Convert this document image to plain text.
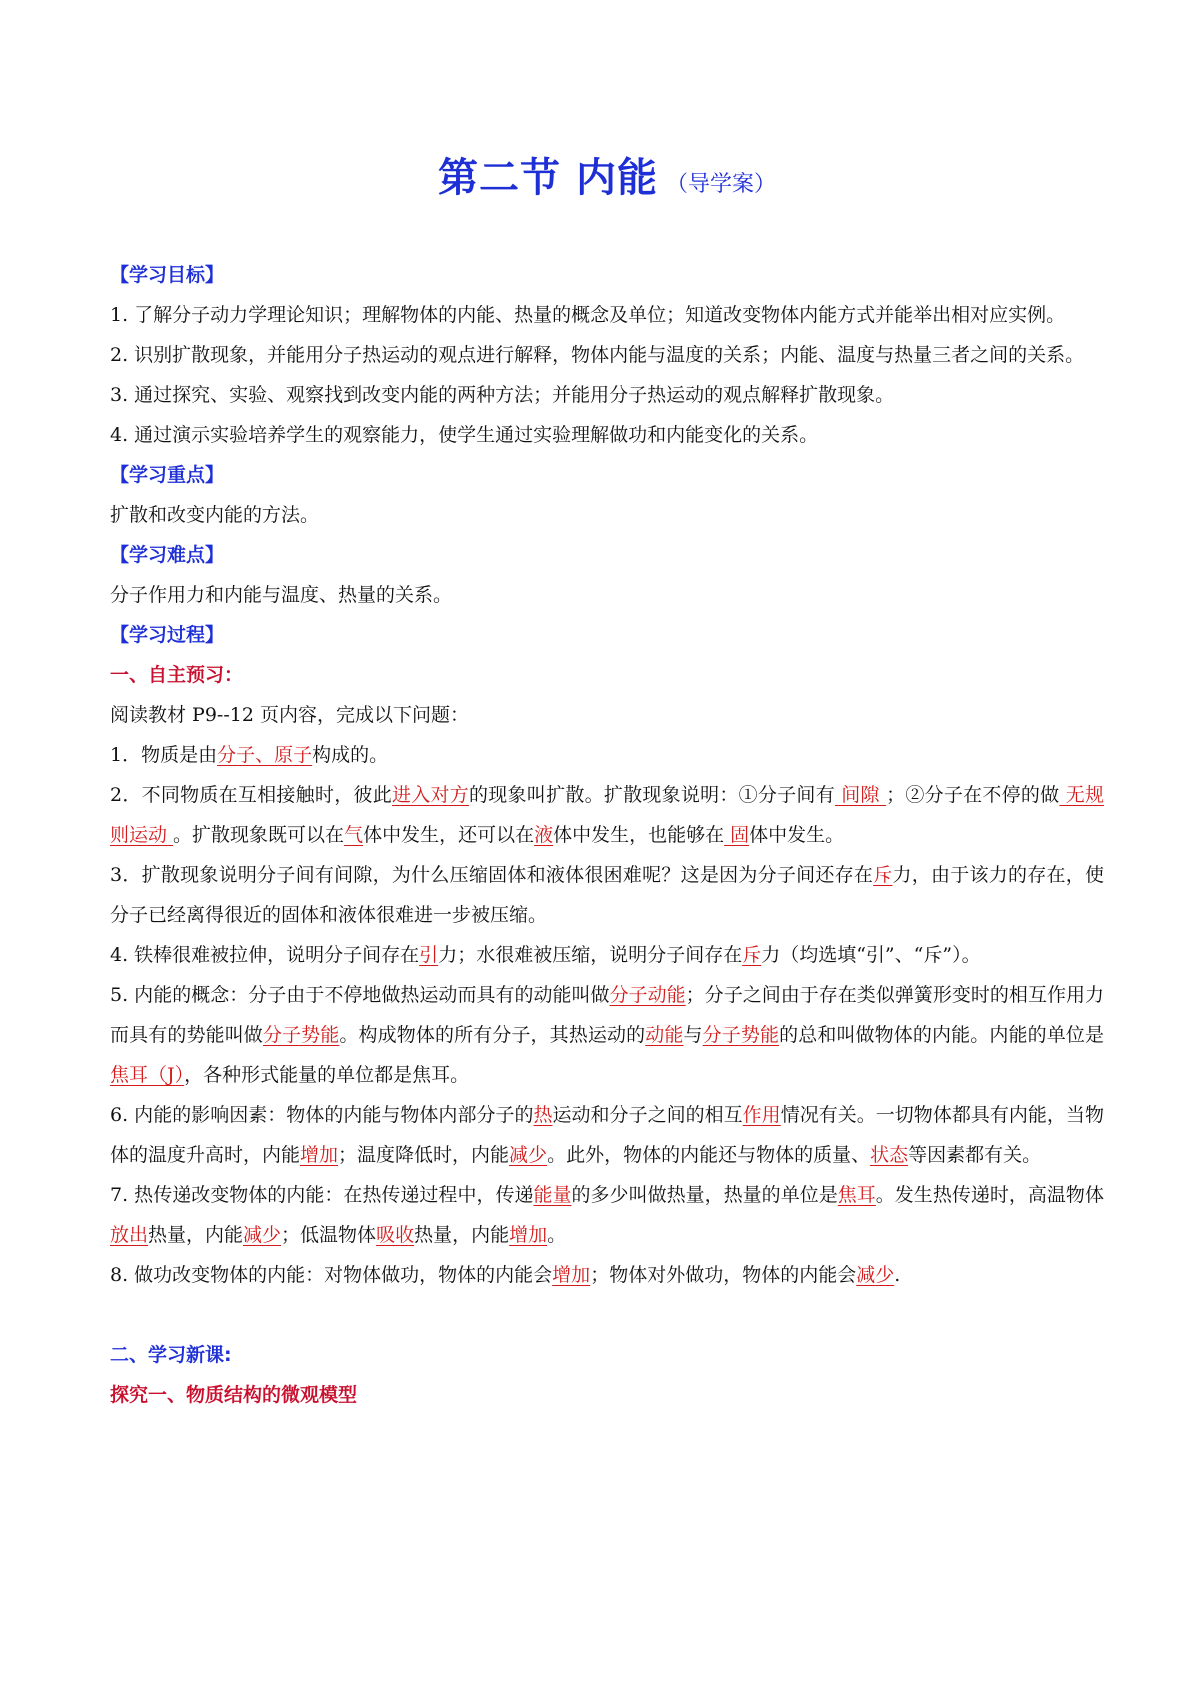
第二节 内能 （导学案）
【学习目标】

1. 了解分子动力学理论知识；理解物体的内能、热量的概念及单位；知道改变物体内能方式并能举出相对应实例。

2. 识别扩散现象，并能用分子热运动的观点进行解释，物体内能与温度的关系；内能、温度与热量三者之间的关系。

3. 通过探究、实验、观察找到改变内能的两种方法；并能用分子热运动的观点解释扩散现象。

4. 通过演示实验培养学生的观察能力，使学生通过实验理解做功和内能变化的关系。

【学习重点】

扩散和改变内能的方法。

【学习难点】

分子作用力和内能与温度、热量的关系。

【学习过程】
一、自主预习：

阅读教材 P9--12 页内容，完成以下问题：

1．物质是由分子、原子构成的。

2．不同物质在互相接触时，彼此进入对方的现象叫扩散。扩散现象说明：①分子间有 间隙 ；②分子在不停的做 无规则运动 。扩散现象既可以在气体中发生，还可以在液体中发生，也能够在 固体中发生。

3．扩散现象说明分子间有间隙，为什么压缩固体和液体很困难呢？这是因为分子间还存在斥力，由于该力的存在，使分子已经离得很近的固体和液体很难进一步被压缩。

4. 铁棒很难被拉伸，说明分子间存在引力；水很难被压缩，说明分子间存在斥力（均选填“引”、“斥”）。

5. 内能的概念：分子由于不停地做热运动而具有的动能叫做分子动能；分子之间由于存在类似弹簧形变时的相互作用力而具有的势能叫做分子势能。构成物体的所有分子，其热运动的动能与分子势能的总和叫做物体的内能。内能的单位是焦耳（J），各种形式能量的单位都是焦耳。

6. 内能的影响因素：物体的内能与物体内部分子的热运动和分子之间的相互作用情况有关。一切物体都具有内能，当物体的温度升高时，内能增加；温度降低时，内能减少。此外，物体的内能还与物体的质量、状态等因素都有关。

7. 热传递改变物体的内能：在热传递过程中，传递能量的多少叫做热量，热量的单位是焦耳。发生热传递时，高温物体放出热量，内能减少；低温物体吸收热量，内能增加。

8. 做功改变物体的内能：对物体做功，物体的内能会增加；物体对外做功，物体的内能会减少.

二、学习新课:
探究一、物质结构的微观模型
